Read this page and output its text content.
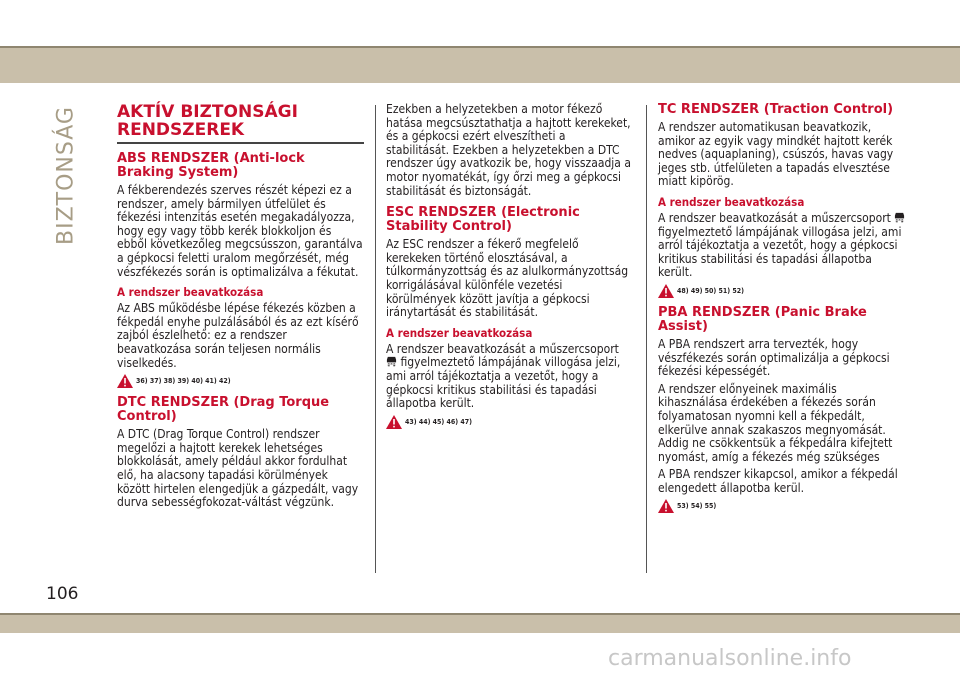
BIZTONSÁG AKTÍV BIZTONSÁGI RENDSZEREK
ABS RENDSZER (Anti-lock Braking System)

A fékberendezés szerves részét képezi ez a rendszer, amely bármilyen útfelület és fékezési intenzitás esetén megakadályozza, hogy egy vagy több kerék blokkoljon és ebből következőleg megcsússzon, garantálva a gépkocsi feletti uralom megőrzését, még vészfékezés során is optimalizálva a fékutat.

A rendszer beavatkozása

Az ABS működésbe lépése fékezés közben a fékpedál enyhe pulzálásából és az ezt kísérő zajból észlelhető: ez a rendszer beavatkozása során teljesen normális viselkedés.

36) 37) 38) 39) 40) 41) 42)
DTC RENDSZER (Drag Torque Control)

A DTC (Drag Torque Control) rendszer megelőzi a hajtott kerekek lehetséges blokkolását, amely például akkor fordulhat elő, ha alacsony tapadási körülmények között hirtelen elengedjük a gázpedált, vagy durva sebességfokozat-váltást végzünk.

Ezekben a helyzetekben a motor fékező hatása megcsúsztathatja a hajtott kerekeket, és a gépkocsi ezért elveszítheti a stabilitását. Ezekben a helyzetekben a DTC rendszer úgy avatkozik be, hogy visszaadja a motor nyomatékát, így őrzi meg a gépkocsi stabilitását és biztonságát.

ESC RENDSZER (Electronic Stability Control)

Az ESC rendszer a fékerő megfelelő kerekeken történő elosztásával, a túlkormányzottság és az alulkormányzottság korrigálásával különféle vezetési körülmények között javítja a gépkocsi iránytartását és stabilitását.

A rendszer beavatkozása

A rendszer beavatkozását a műszercsoport  figyelmeztető lámpájának villogása jelzi, ami arról tájékoztatja a vezetőt, hogy a gépkocsi kritikus stabilitási és tapadási állapotba került.

43) 44) 45) 46) 47)
TC RENDSZER (Traction Control)

A rendszer automatikusan beavatkozik, amikor az egyik vagy mindkét hajtott kerék nedves (aquaplaning), csúszós, havas vagy jeges stb. útfelületen a tapadás elvesztése miatt kipörög.

A rendszer beavatkozása

A rendszer beavatkozását a műszercsoport  figyelmeztető lámpájának villogása jelzi, ami arról tájékoztatja a vezetőt, hogy a gépkocsi kritikus stabilitási és tapadási állapotba került.

48) 49) 50) 51) 52)
PBA RENDSZER (Panic Brake Assist)

A PBA rendszert arra tervezték, hogy vészfékezés során optimalizálja a gépkocsi fékezési képességét.

A rendszer előnyeinek maximális kihasználása érdekében a fékezés során folyamatosan nyomni kell a fékpedált, elkerülve annak szakaszos megnyomását. Addig ne csökkentsük a fékpedálra kifejtett nyomást, amíg a fékezés még szükséges

A PBA rendszer kikapcsol, amikor a fékpedál elengedett állapotba kerül.

53) 54) 55)
106
carmanualsonline.info
